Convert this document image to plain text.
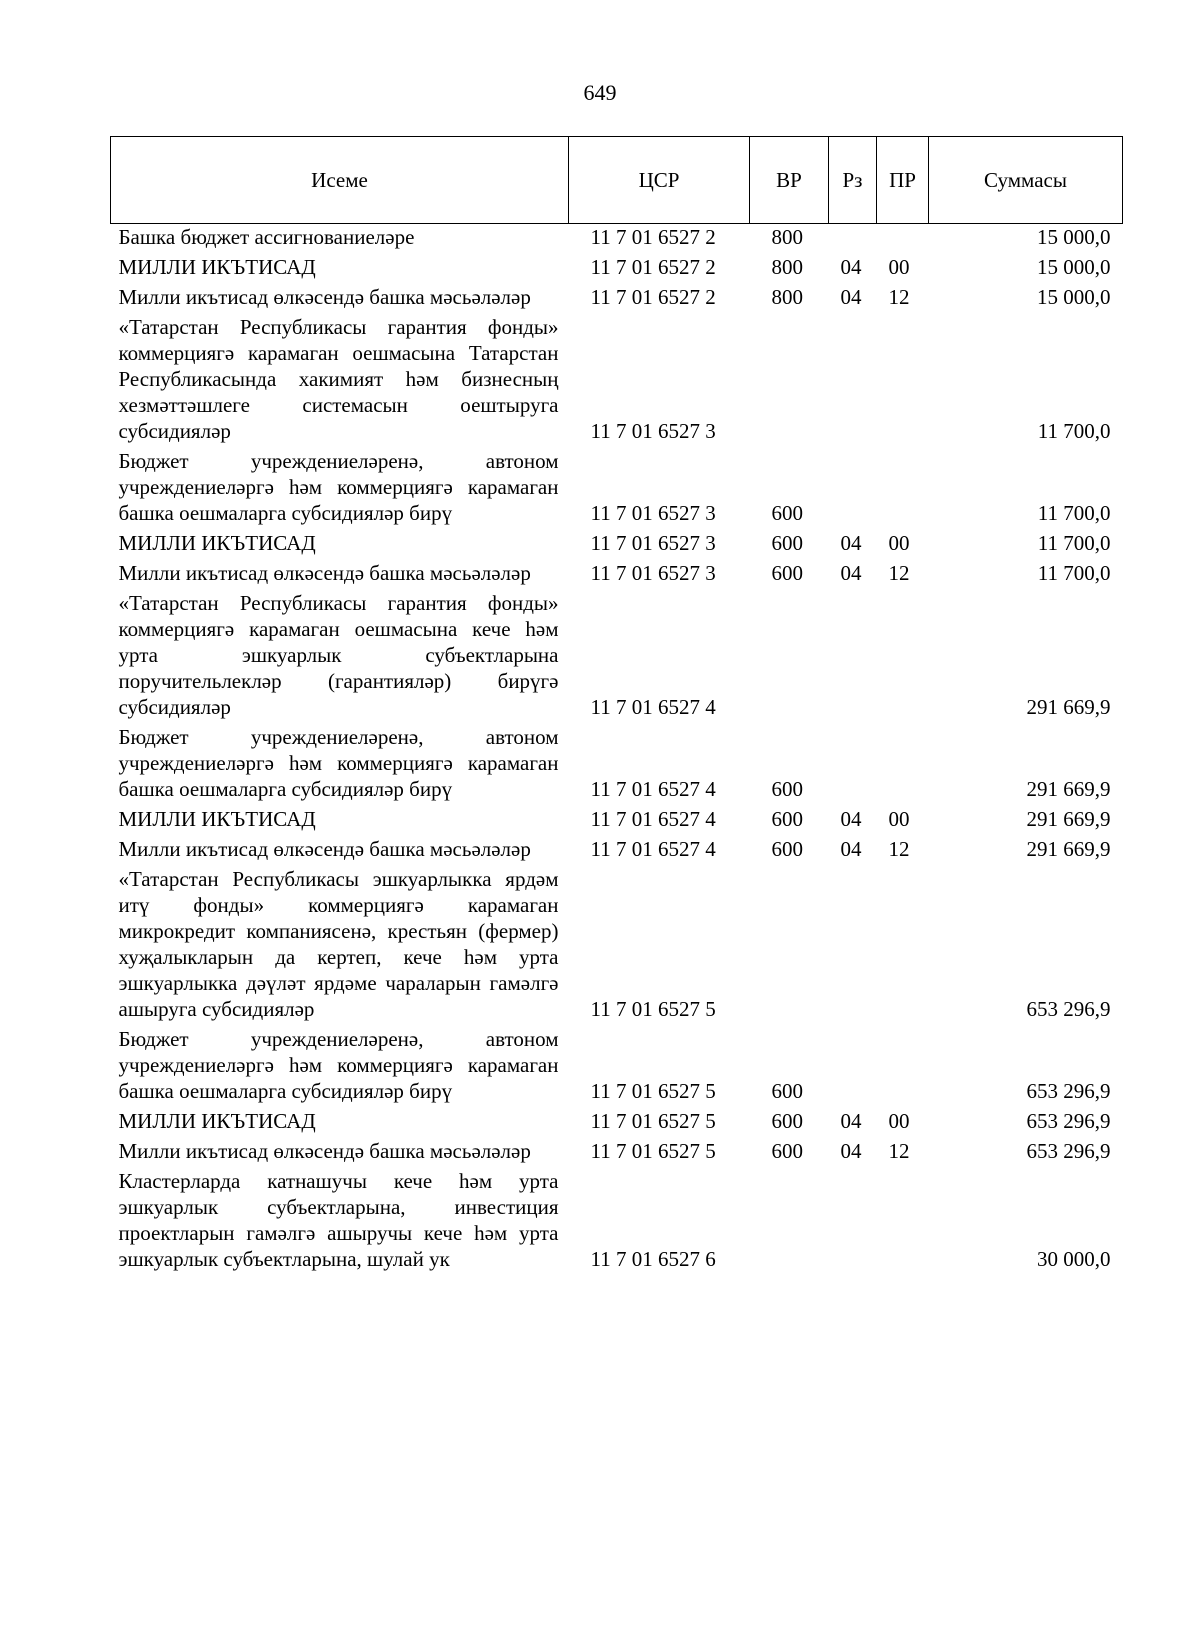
649
Исеме	ЦСР	ВР	Рз	ПР	Суммасы
Башка бюджет ассигнованиеләре	11 7 01 6527 2	800			15 000,0
МИЛЛИ ИКЪТИСАД	11 7 01 6527 2	800	04	00	15 000,0
Милли икътисад өлкәсендә башка мәсьәләләр	11 7 01 6527 2	800	04	12	15 000,0
«Татарстан Республикасы гарантия фонды» коммерциягә карамаган оешмасына Татарстан Республикасында хакимият һәм бизнесның хезмәттәшлеге системасын оештыруга субсидияләр	11 7 01 6527 3				11 700,0
Бюджет учреждениеләренә, автоном учреждениеләргә һәм коммерциягә карамаган башка оешмаларга субсидияләр бирү	11 7 01 6527 3	600			11 700,0
МИЛЛИ ИКЪТИСАД	11 7 01 6527 3	600	04	00	11 700,0
Милли икътисад өлкәсендә башка мәсьәләләр	11 7 01 6527 3	600	04	12	11 700,0
«Татарстан Республикасы гарантия фонды» коммерциягә карамаган оешмасына кече һәм урта эшкуарлык субъектларына поручительлекләр (гарантияләр) бирүгә субсидияләр	11 7 01 6527 4				291 669,9
Бюджет учреждениеләренә, автоном учреждениеләргә һәм коммерциягә карамаган башка оешмаларга субсидияләр бирү	11 7 01 6527 4	600			291 669,9
МИЛЛИ ИКЪТИСАД	11 7 01 6527 4	600	04	00	291 669,9
Милли икътисад өлкәсендә башка мәсьәләләр	11 7 01 6527 4	600	04	12	291 669,9
«Татарстан Республикасы эшкуарлыкка ярдәм итү фонды» коммерциягә карамаган микрокредит компаниясенә, крестьян (фермер) хуҗалыкларын да кертеп, кече һәм урта эшкуарлыкка дәүләт ярдәме чараларын гамәлгә ашыруга субсидияләр	11 7 01 6527 5				653 296,9
Бюджет учреждениеләренә, автоном учреждениеләргә һәм коммерциягә карамаган башка оешмаларга субсидияләр бирү	11 7 01 6527 5	600			653 296,9
МИЛЛИ ИКЪТИСАД	11 7 01 6527 5	600	04	00	653 296,9
Милли икътисад өлкәсендә башка мәсьәләләр	11 7 01 6527 5	600	04	12	653 296,9
Кластерларда катнашучы кече һәм урта эшкуарлык субъектларына, инвестиция проектларын гамәлгә ашыручы кече һәм урта эшкуарлык субъектларына, шулай ук	11 7 01 6527 6				30 000,0
